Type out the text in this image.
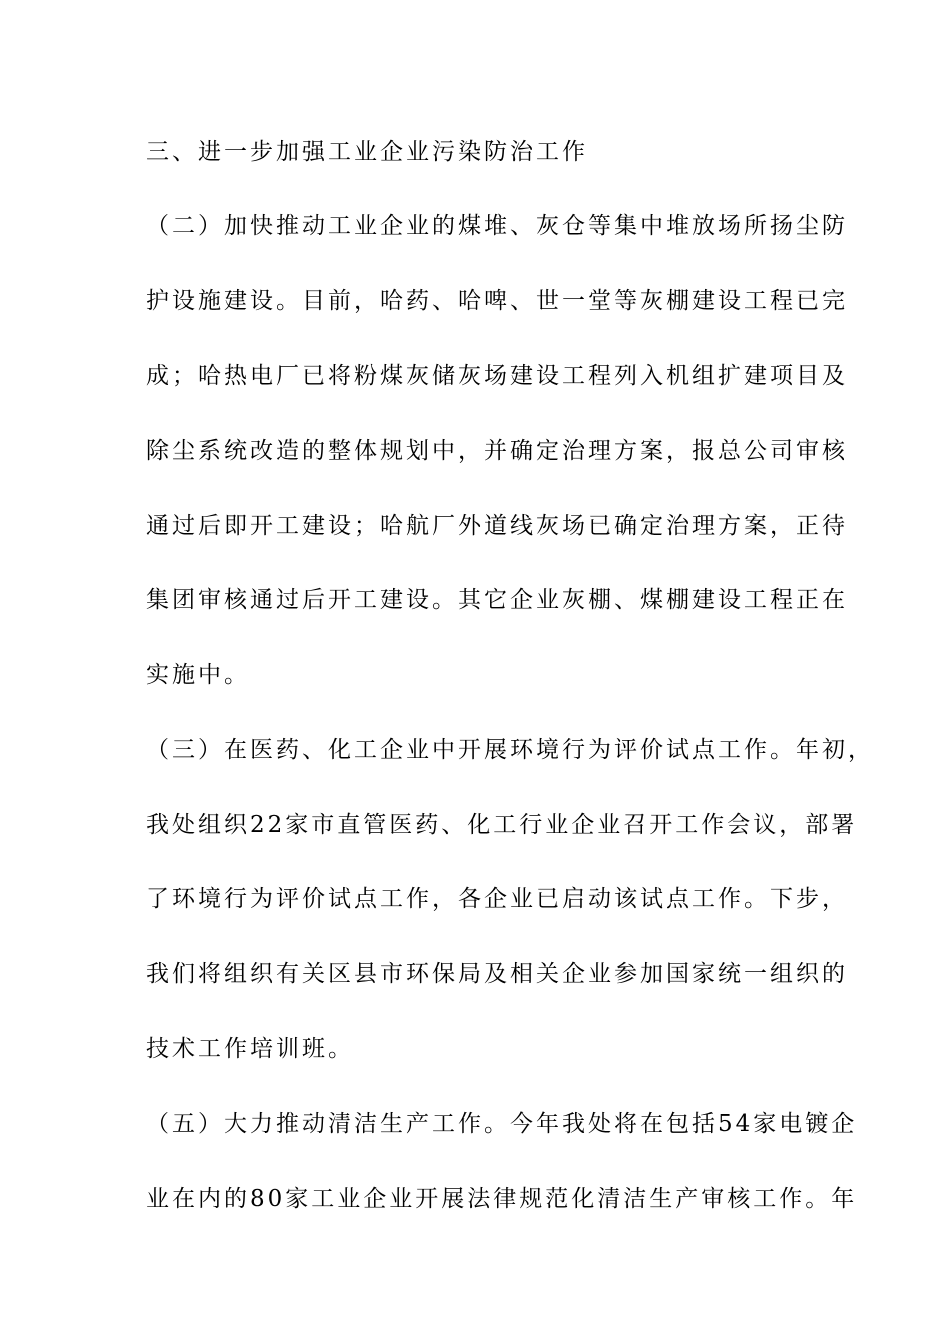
三、进一步加强工业企业污染防治工作
（二）加快推动工业企业的煤堆、灰仓等集中堆放场所扬尘防
护设施建设。目前，哈药、哈啤、世一堂等灰棚建设工程已完
成；哈热电厂已将粉煤灰储灰场建设工程列入机组扩建项目及
除尘系统改造的整体规划中，并确定治理方案，报总公司审核
通过后即开工建设；哈航厂外道线灰场已确定治理方案，正待
集团审核通过后开工建设。其它企业灰棚、煤棚建设工程正在
实施中。
（三）在医药、化工企业中开展环境行为评价试点工作。年初，
我处组织22家市直管医药、化工行业企业召开工作会议，部署
了环境行为评价试点工作，各企业已启动该试点工作。下步，
我们将组织有关区县市环保局及相关企业参加国家统一组织的
技术工作培训班。
（五）大力推动清洁生产工作。今年我处将在包括54家电镀企
业在内的80家工业企业开展法律规范化清洁生产审核工作。年
